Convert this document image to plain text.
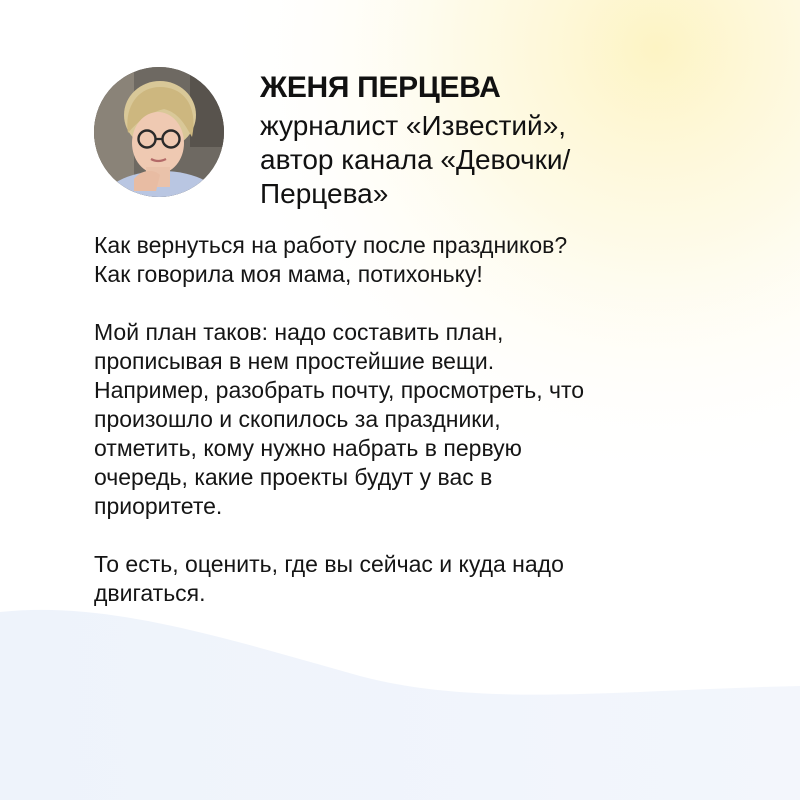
ЖЕНЯ ПЕРЦЕВА
журналист «Известий»,
автор канала «Девочки/
Перцева»

Как вернуться на работу после праздников?
Как говорила моя мама, потихоньку!

Мой план таков: надо составить план,
прописывая в нем простейшие вещи.
Например, разобрать почту, просмотреть, что
произошло и скопилось за праздники,
отметить, кому нужно набрать в первую
очередь, какие проекты будут у вас в
приоритете.

То есть, оценить, где вы сейчас и куда надо
двигаться.
